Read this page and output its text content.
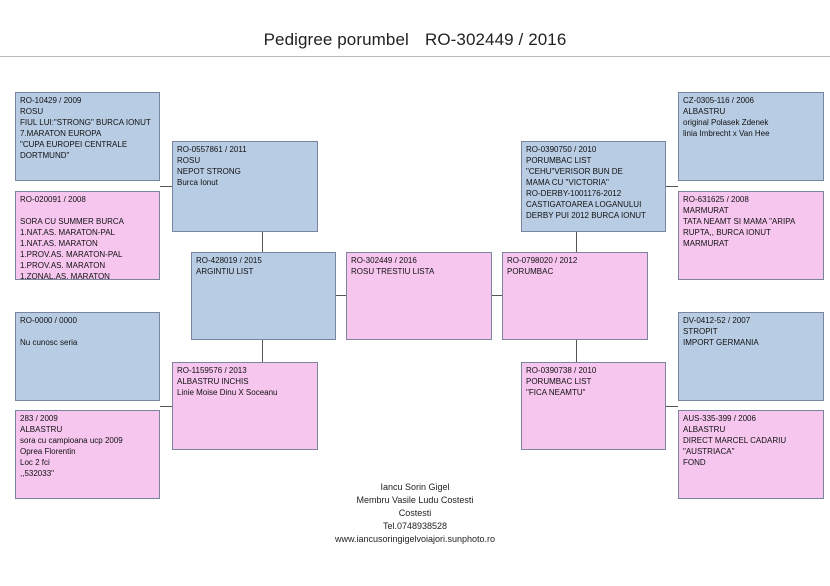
Pedigree porumbel RO-302449 / 2016
RO-10429 / 2009
ROSU
FIUL LUI:"STRONG" BURCA IONUT
7.MARATON EUROPA
"CUPA EUROPEI CENTRALE
DORTMUND"
RO-020091 / 2008

SORA CU SUMMER BURCA
1.NAT.AS. MARATON-PAL
1.NAT.AS. MARATON
1.PROV.AS. MARATON-PAL
1.PROV.AS. MARATON
1.ZONAL.AS. MARATON
RO-0000 / 0000

Nu cunosc seria
283 / 2009
ALBASTRU
sora cu campioana ucp 2009
Oprea Florentin
Loc 2 fci
,,532033"
RO-0557861 / 2011
ROSU
NEPOT STRONG
Burca Ionut
RO-1159576 / 2013
ALBASTRU INCHIS
Linie Moise Dinu X Soceanu
RO-428019 / 2015
ARGINTIU LIST
RO-302449 / 2016
ROSU TRESTIU LISTA
RO-0798020 / 2012
PORUMBAC
RO-0390750 / 2010
PORUMBAC LIST
"CEHU"VERISOR BUN DE
MAMA CU "VICTORIA"
RO-DERBY-1001176-2012
CASTIGATOAREA LOGANULUI
DERBY PUI 2012 BURCA IONUT
RO-0390738 / 2010
PORUMBAC LIST
"FICA NEAMTU"
CZ-0305-116 / 2006
ALBASTRU
original Polasek Zdenek
linia Imbrecht x Van Hee
RO-631625 / 2008
MARMURAT
TATA NEAMT SI MAMA "ARIPA
RUPTA,, BURCA IONUT
MARMURAT
DV-0412-52 / 2007
STROPIT
IMPORT GERMANIA
AUS-335-399 / 2006
ALBASTRU
DIRECT MARCEL CADARIU
"AUSTRIACA"
FOND
Iancu Sorin Gigel
Membru Vasile Ludu Costesti
Costesti
Tel.0748938528
www.iancusoringigelvoiajori.sunphoto.ro
